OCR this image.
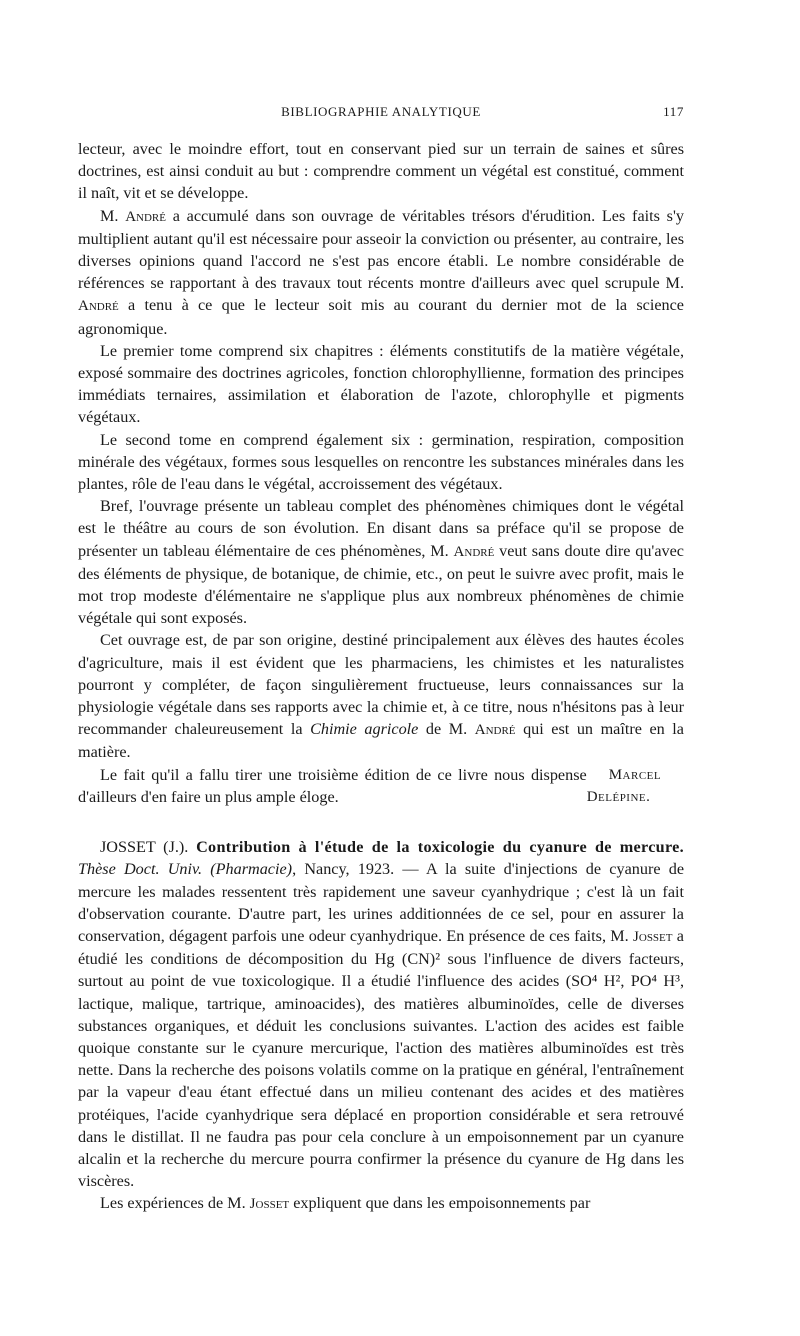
BIBLIOGRAPHIE ANALYTIQUE	117

lecteur, avec le moindre effort, tout en conservant pied sur un terrain de saines et sûres doctrines, est ainsi conduit au but : comprendre comment un végétal est constitué, comment il naît, vit et se développe.

M. André a accumulé dans son ouvrage de véritables trésors d'érudition. Les faits s'y multiplient autant qu'il est nécessaire pour asseoir la conviction ou présenter, au contraire, les diverses opinions quand l'accord ne s'est pas encore établi. Le nombre considérable de références se rapportant à des travaux tout récents montre d'ailleurs avec quel scrupule M. André a tenu à ce que le lecteur soit mis au courant du dernier mot de la science agronomique.

Le premier tome comprend six chapitres : éléments constitutifs de la matière végétale, exposé sommaire des doctrines agricoles, fonction chlorophyllienne, formation des principes immédiats ternaires, assimilation et élaboration de l'azote, chlorophylle et pigments végétaux.

Le second tome en comprend également six : germination, respiration, composition minérale des végétaux, formes sous lesquelles on rencontre les substances minérales dans les plantes, rôle de l'eau dans le végétal, accroissement des végétaux.

Bref, l'ouvrage présente un tableau complet des phénomènes chimiques dont le végétal est le théâtre au cours de son évolution. En disant dans sa préface qu'il se propose de présenter un tableau élémentaire de ces phénomènes, M. André veut sans doute dire qu'avec des éléments de physique, de botanique, de chimie, etc., on peut le suivre avec profit, mais le mot trop modeste d'élémentaire ne s'applique plus aux nombreux phénomènes de chimie végétale qui sont exposés.

Cet ouvrage est, de par son origine, destiné principalement aux élèves des hautes écoles d'agriculture, mais il est évident que les pharmaciens, les chimistes et les naturalistes pourront y compléter, de façon singulièrement fructueuse, leurs connaissances sur la physiologie végétale dans ses rapports avec la chimie et, à ce titre, nous n'hésitons pas à leur recommander chaleureusement la Chimie agricole de M. André qui est un maître en la matière.

Le fait qu'il a fallu tirer une troisième édition de ce livre nous dispense d'ailleurs d'en faire un plus ample éloge.
Marcel Delépine.

JOSSET (J.). Contribution à l'étude de la toxicologie du cyanure de mercure. Thèse Doct. Univ. (Pharmacie), Nancy, 1923. — A la suite d'injections de cyanure de mercure les malades ressentent très rapidement une saveur cyanhydrique ; c'est là un fait d'observation courante. D'autre part, les urines additionnées de ce sel, pour en assurer la conservation, dégagent parfois une odeur cyanhydrique. En présence de ces faits, M. Josset a étudié les conditions de décomposition du Hg (CN)² sous l'influence de divers facteurs, surtout au point de vue toxicologique. Il a étudié l'influence des acides (SO⁴ H², PO⁴ H³, lactique, malique, tartrique, aminoacides), des matières albuminoïdes, celle de diverses substances organiques, et déduit les conclusions suivantes. L'action des acides est faible quoique constante sur le cyanure mercurique, l'action des matières albuminoïdes est très nette. Dans la recherche des poisons volatils comme on la pratique en général, l'entraînement par la vapeur d'eau étant effectué dans un milieu contenant des acides et des matières protéiques, l'acide cyanhydrique sera déplacé en proportion considérable et sera retrouvé dans le distillat. Il ne faudra pas pour cela conclure à un empoisonnement par un cyanure alcalin et la recherche du mercure pourra confirmer la présence du cyanure de Hg dans les viscères.

Les expériences de M. Josset expliquent que dans les empoisonnements par
